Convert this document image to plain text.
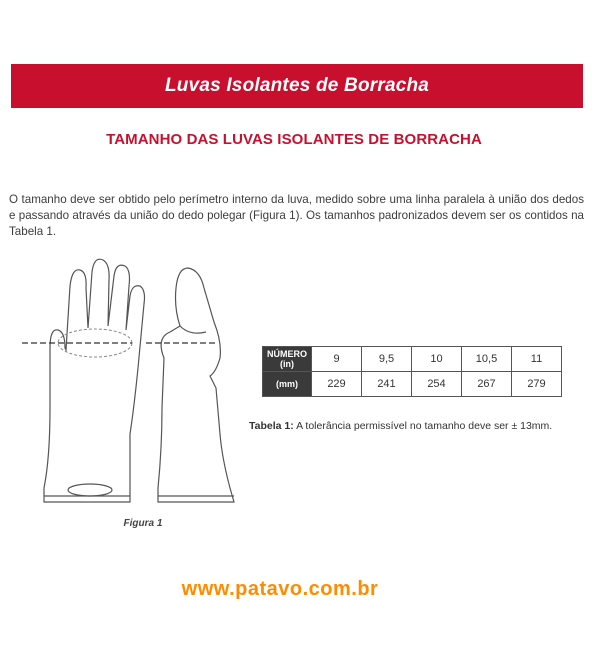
Luvas Isolantes de Borracha
TAMANHO DAS LUVAS ISOLANTES DE BORRACHA
O tamanho deve ser obtido pelo perímetro interno da luva, medido sobre uma linha paralela à união dos dedos e passando através da união do dedo polegar (Figura 1). Os tamanhos padronizados devem ser os contidos na Tabela 1.
Figura 1
NÚMERO
(in)	9	9,5	10	10,5	11
(mm)	229	241	254	267	279
Tabela 1: A tolerância permissível no tamanho deve ser ± 13mm.
www.patavo.com.br
